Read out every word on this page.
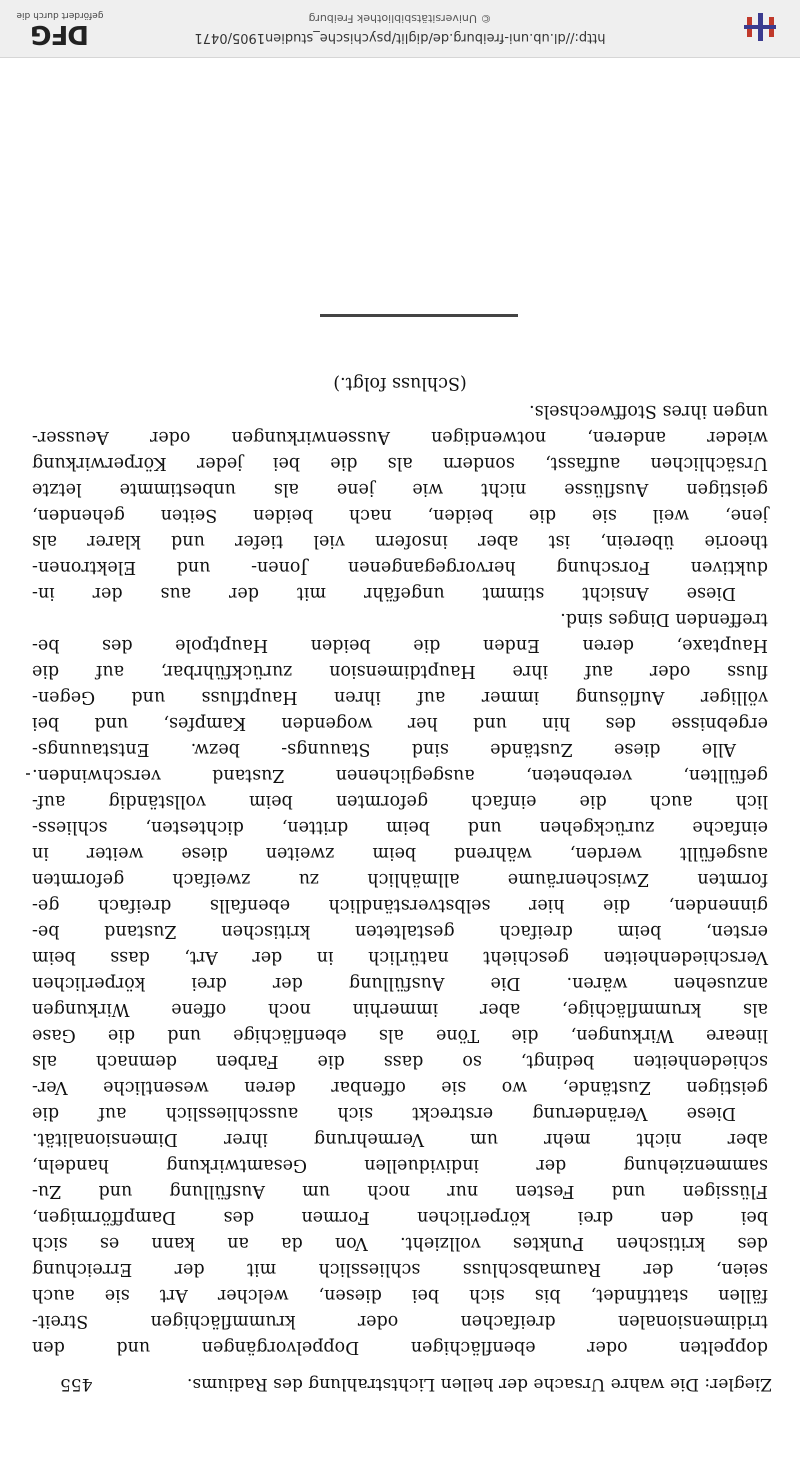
Ziegler: Die wahre Ursache der hellen Lichtstrahlung des Radiums.
455
doppelten oder ebenflächigen Doppelvorgängen und den
tridimensionalen dreifachen oder krummflächigen Streit-
fällen stattfindet, bis sich bei diesen, welcher Art sie auch
seien, der Raumabschluss schliesslich mit der Erreichung
des kritischen Punktes vollzieht. Von da an kann es sich
bei den drei körperlichen Formen des Dampfförmigen,
Flüssigen und Festen nur noch um Ausfüllung und Zu-
sammenziehung der individuellen Gesamtwirkung handeln,
aber nicht mehr um Vermehrung ihrer Dimensionalität.
Diese Veränderung erstreckt sich ausschliesslich auf die
geistigen Zustände, wo sie offenbar deren wesentliche Ver-
schiedenheiten bedingt, so dass die Farben demnach als
lineare Wirkungen, die Töne als ebenflächige und die Gase
als krummflächige, aber immerhin noch offene Wirkungen
anzusehen wären. Die Ausfüllung der drei körperlichen
Verschiedenheiten geschieht natürlich in der Art, dass beim
ersten, beim dreifach gestalteten kritischen Zustand be-
ginnenden, die hier selbstverständlich ebenfalls dreifach ge-
formten Zwischenräume allmählich zu zweifach geformten
ausgefüllt werden, während beim zweiten diese weiter in
einfache zurückgehen und beim dritten, dichtesten, schliess-
lich auch die einfach geformten beim vollständig auf-
gefüllten, verebneten, ausgeglichenen Zustand verschwinden.
Alle diese Zustände sind Stauungs- bezw. Entstauungs-
ergebnisse des hin und her wogenden Kampfes, und bei
völliger Auflösung immer auf ihren Hauptfluss und Gegen-
fluss oder auf ihre Hauptdimension zurückführbar, auf die
Hauptaxe, deren Enden die beiden Hauptpole des be-
treffenden Dinges sind.
Diese Ansicht stimmt ungefähr mit der aus der in-
duktiven Forschung hervorgegangenen Jonen- und Elektronen-
theorie überein, ist aber insofern viel tiefer und klarer als
jene, weil sie die beiden, nach beiden Seiten gehenden,
geistigen Ausflüsse nicht wie jene als unbestimmte letzte
Ursächlichen auffasst, sondern als die bei jeder Körperwirkung
wieder anderen, notwendigen Aussenwirkungen oder Aeusser-
ungen ihres Stoffwechsels.
(Schluss folgt.)
http://dl.ub.uni-freiburg.de/diglit/psychische_studien1905/0471
© Universitätsbibliothek Freiburg
DFG
gefördert durch die
